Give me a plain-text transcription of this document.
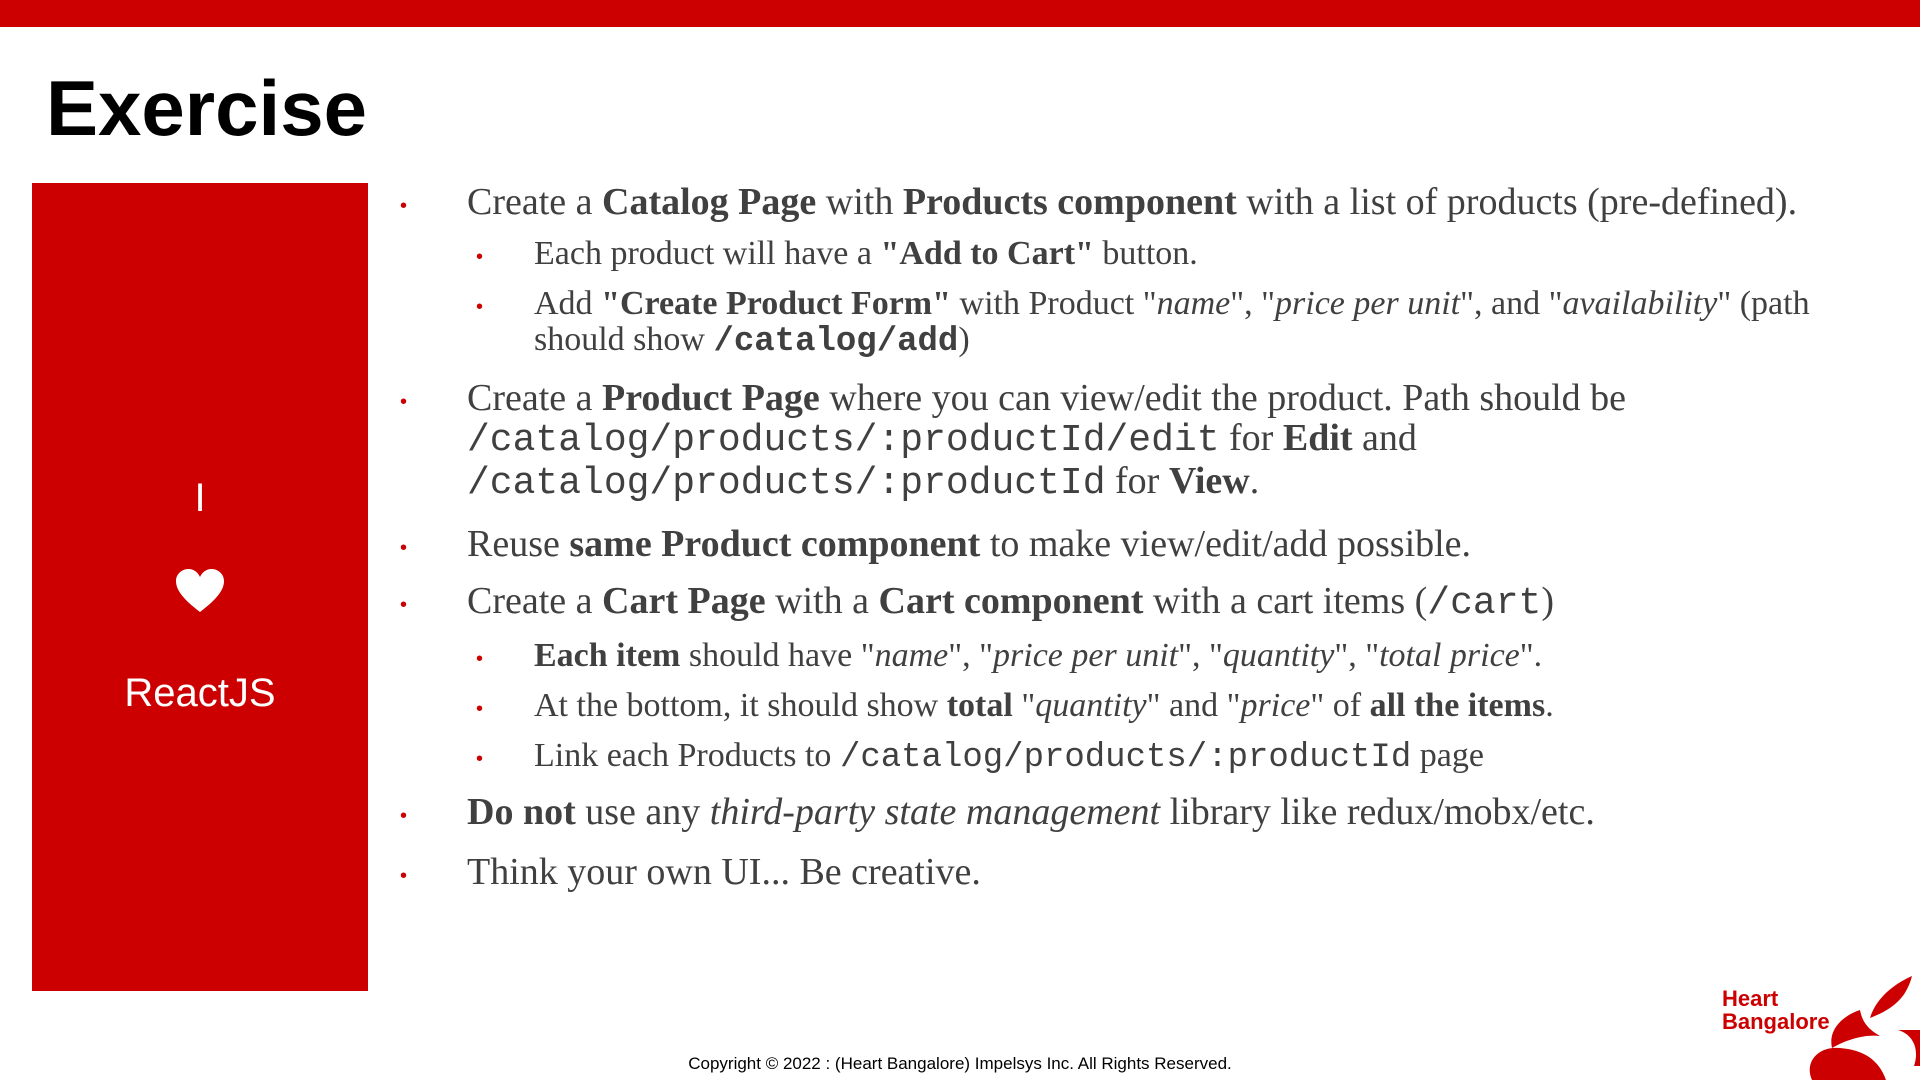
Exercise
I
ReactJS
• Create a Catalog Page with Products component with a list of products (pre-defined).
• Each product will have a "Add to Cart" button.
• Add "Create Product Form" with Product "name", "price per unit", and "availability" (path should show /catalog/add)
• Create a Product Page where you can view/edit the product. Path should be /catalog/products/:productId/edit for Edit and /catalog/products/:productId for View.
• Reuse same Product component to make view/edit/add possible.
• Create a Cart Page with a Cart component with a cart items (/cart)
• Each item should have "name", "price per unit", "quantity", "total price".
• At the bottom, it should show total "quantity" and "price" of all the items.
• Link each Products to /catalog/products/:productId page
• Do not use any third-party state management library like redux/mobx/etc.
• Think your own UI... Be creative.
Copyright © 2022 : (Heart Bangalore) Impelsys Inc. All Rights Reserved.
Heart
Bangalore
